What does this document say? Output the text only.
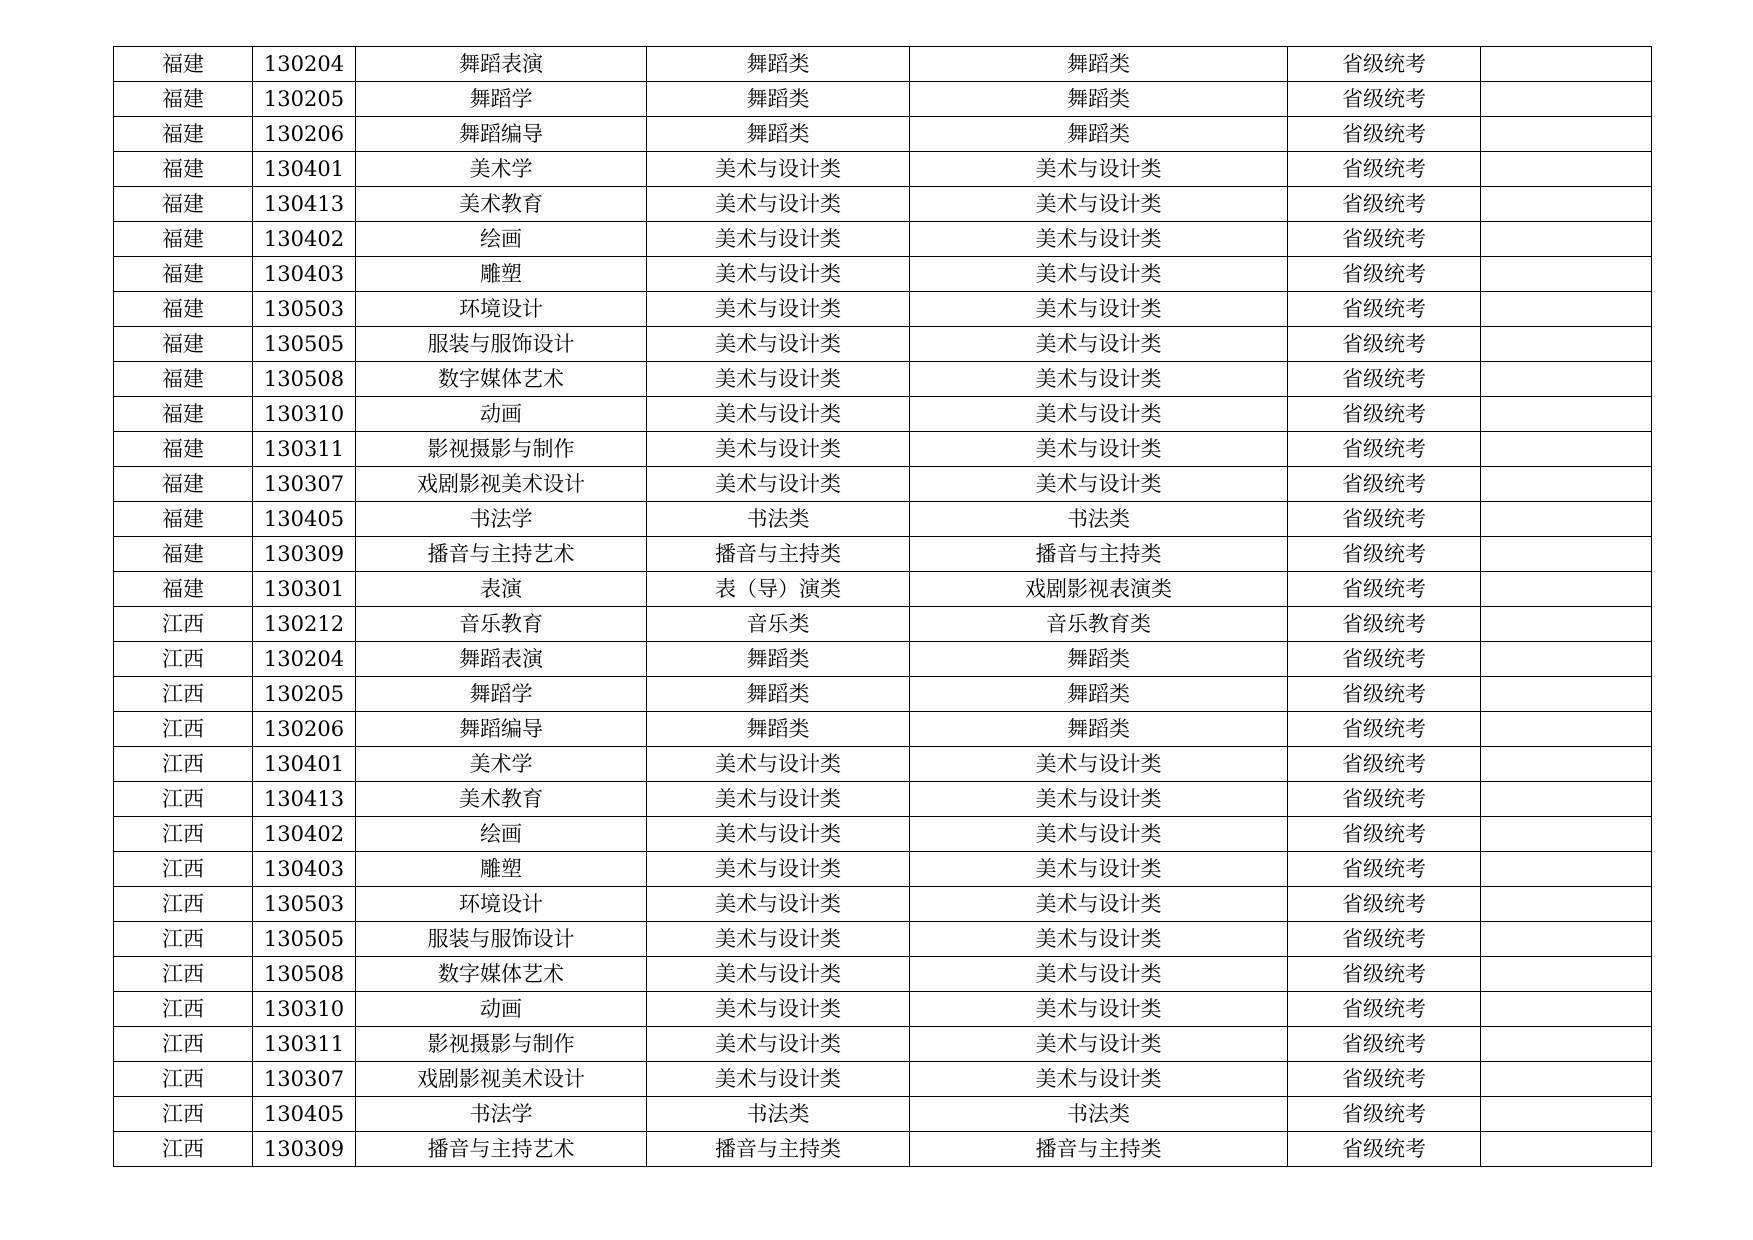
福建	130204	舞蹈表演	舞蹈类	舞蹈类	省级统考	
福建	130205	舞蹈学	舞蹈类	舞蹈类	省级统考	
福建	130206	舞蹈编导	舞蹈类	舞蹈类	省级统考	
福建	130401	美术学	美术与设计类	美术与设计类	省级统考	
福建	130413	美术教育	美术与设计类	美术与设计类	省级统考	
福建	130402	绘画	美术与设计类	美术与设计类	省级统考	
福建	130403	雕塑	美术与设计类	美术与设计类	省级统考	
福建	130503	环境设计	美术与设计类	美术与设计类	省级统考	
福建	130505	服装与服饰设计	美术与设计类	美术与设计类	省级统考	
福建	130508	数字媒体艺术	美术与设计类	美术与设计类	省级统考	
福建	130310	动画	美术与设计类	美术与设计类	省级统考	
福建	130311	影视摄影与制作	美术与设计类	美术与设计类	省级统考	
福建	130307	戏剧影视美术设计	美术与设计类	美术与设计类	省级统考	
福建	130405	书法学	书法类	书法类	省级统考	
福建	130309	播音与主持艺术	播音与主持类	播音与主持类	省级统考	
福建	130301	表演	表（导）演类	戏剧影视表演类	省级统考	
江西	130212	音乐教育	音乐类	音乐教育类	省级统考	
江西	130204	舞蹈表演	舞蹈类	舞蹈类	省级统考	
江西	130205	舞蹈学	舞蹈类	舞蹈类	省级统考	
江西	130206	舞蹈编导	舞蹈类	舞蹈类	省级统考	
江西	130401	美术学	美术与设计类	美术与设计类	省级统考	
江西	130413	美术教育	美术与设计类	美术与设计类	省级统考	
江西	130402	绘画	美术与设计类	美术与设计类	省级统考	
江西	130403	雕塑	美术与设计类	美术与设计类	省级统考	
江西	130503	环境设计	美术与设计类	美术与设计类	省级统考	
江西	130505	服装与服饰设计	美术与设计类	美术与设计类	省级统考	
江西	130508	数字媒体艺术	美术与设计类	美术与设计类	省级统考	
江西	130310	动画	美术与设计类	美术与设计类	省级统考	
江西	130311	影视摄影与制作	美术与设计类	美术与设计类	省级统考	
江西	130307	戏剧影视美术设计	美术与设计类	美术与设计类	省级统考	
江西	130405	书法学	书法类	书法类	省级统考	
江西	130309	播音与主持艺术	播音与主持类	播音与主持类	省级统考	
